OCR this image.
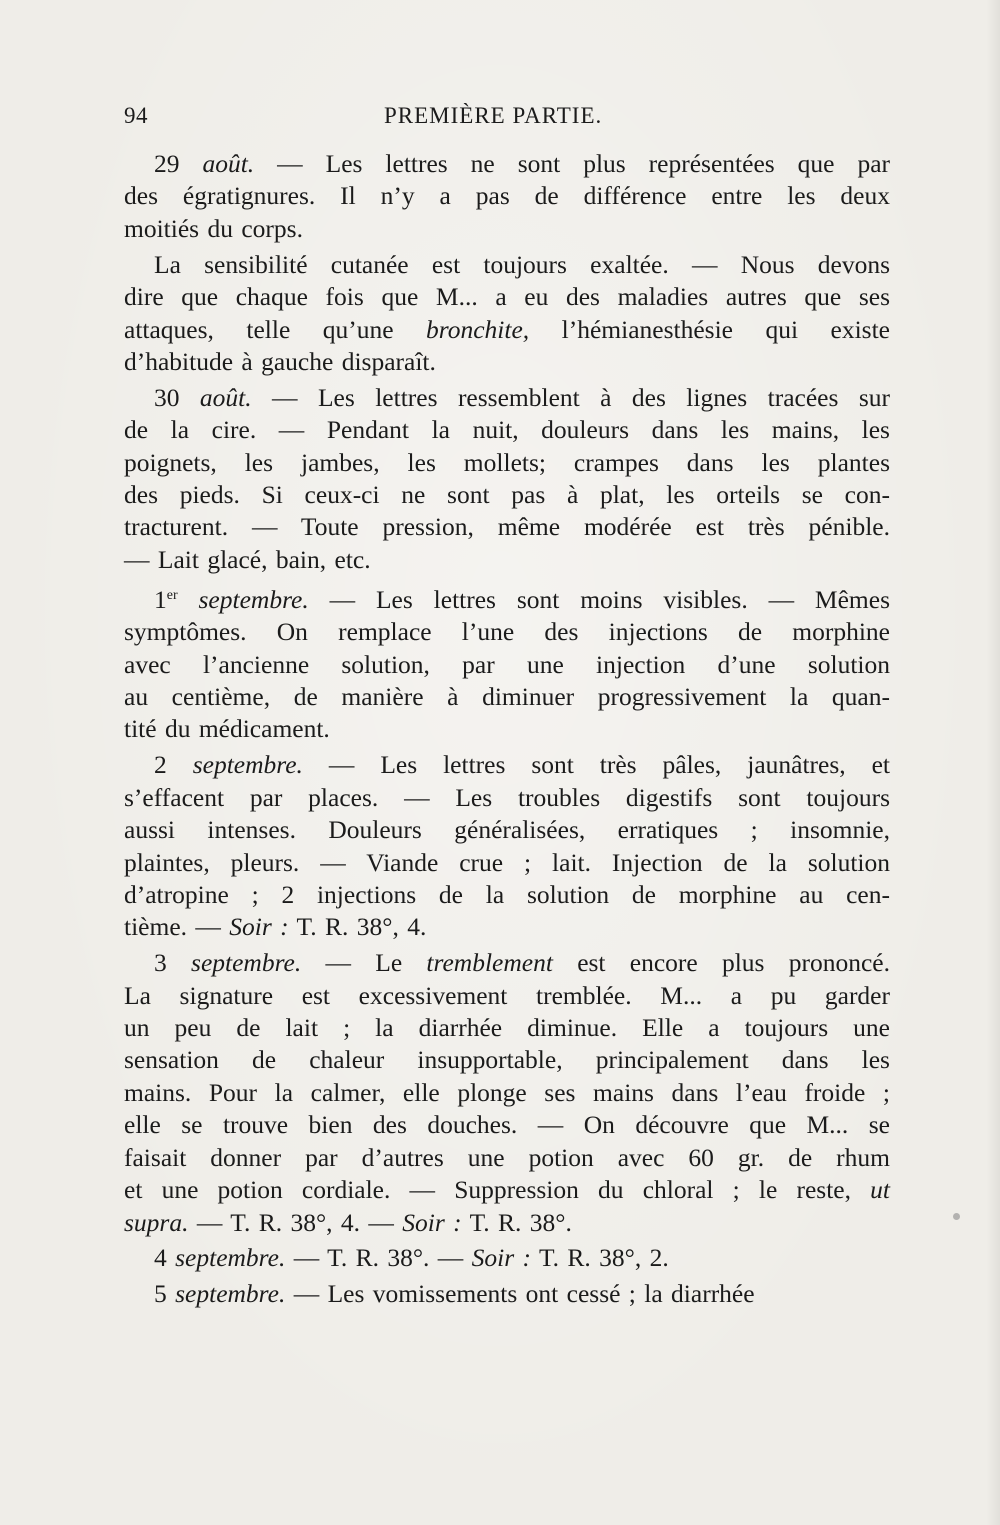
94	PREMIÈRE PARTIE.
29 août. — Les lettres ne sont plus représentées que par
des égratignures. Il n’y a pas de différence entre les deux
moitiés du corps.
La sensibilité cutanée est toujours exaltée. — Nous devons
dire que chaque fois que M... a eu des maladies autres que ses
attaques, telle qu’une bronchite, l’hémianesthésie qui existe
d’habitude à gauche disparaît.
30 août. — Les lettres ressemblent à des lignes tracées sur
de la cire. — Pendant la nuit, douleurs dans les mains, les
poignets, les jambes, les mollets; crampes dans les plantes
des pieds. Si ceux-ci ne sont pas à plat, les orteils se con-
tracturent. — Toute pression, même modérée est très pénible.
— Lait glacé, bain, etc.
1er septembre. — Les lettres sont moins visibles. — Mêmes
symptômes. On remplace l’une des injections de morphine
avec l’ancienne solution, par une injection d’une solution
au centième, de manière à diminuer progressivement la quan-
tité du médicament.
2 septembre. — Les lettres sont très pâles, jaunâtres, et
s’effacent par places. — Les troubles digestifs sont toujours
aussi intenses. Douleurs généralisées, erratiques ; insomnie,
plaintes, pleurs. — Viande crue ; lait. Injection de la solution
d’atropine ; 2 injections de la solution de morphine au cen-
tième. — Soir : T. R. 38°, 4.
3 septembre. — Le tremblement est encore plus prononcé.
La signature est excessivement tremblée. M... a pu garder
un peu de lait ; la diarrhée diminue. Elle a toujours une
sensation de chaleur insupportable, principalement dans les
mains. Pour la calmer, elle plonge ses mains dans l’eau froide ;
elle se trouve bien des douches. — On découvre que M... se
faisait donner par d’autres une potion avec 60 gr. de rhum
et une potion cordiale. — Suppression du chloral ; le reste, ut
supra. — T. R. 38°, 4. — Soir : T. R. 38°.
4 septembre. — T. R. 38°. — Soir : T. R. 38°, 2.
5 septembre. — Les vomissements ont cessé ; la diarrhée
